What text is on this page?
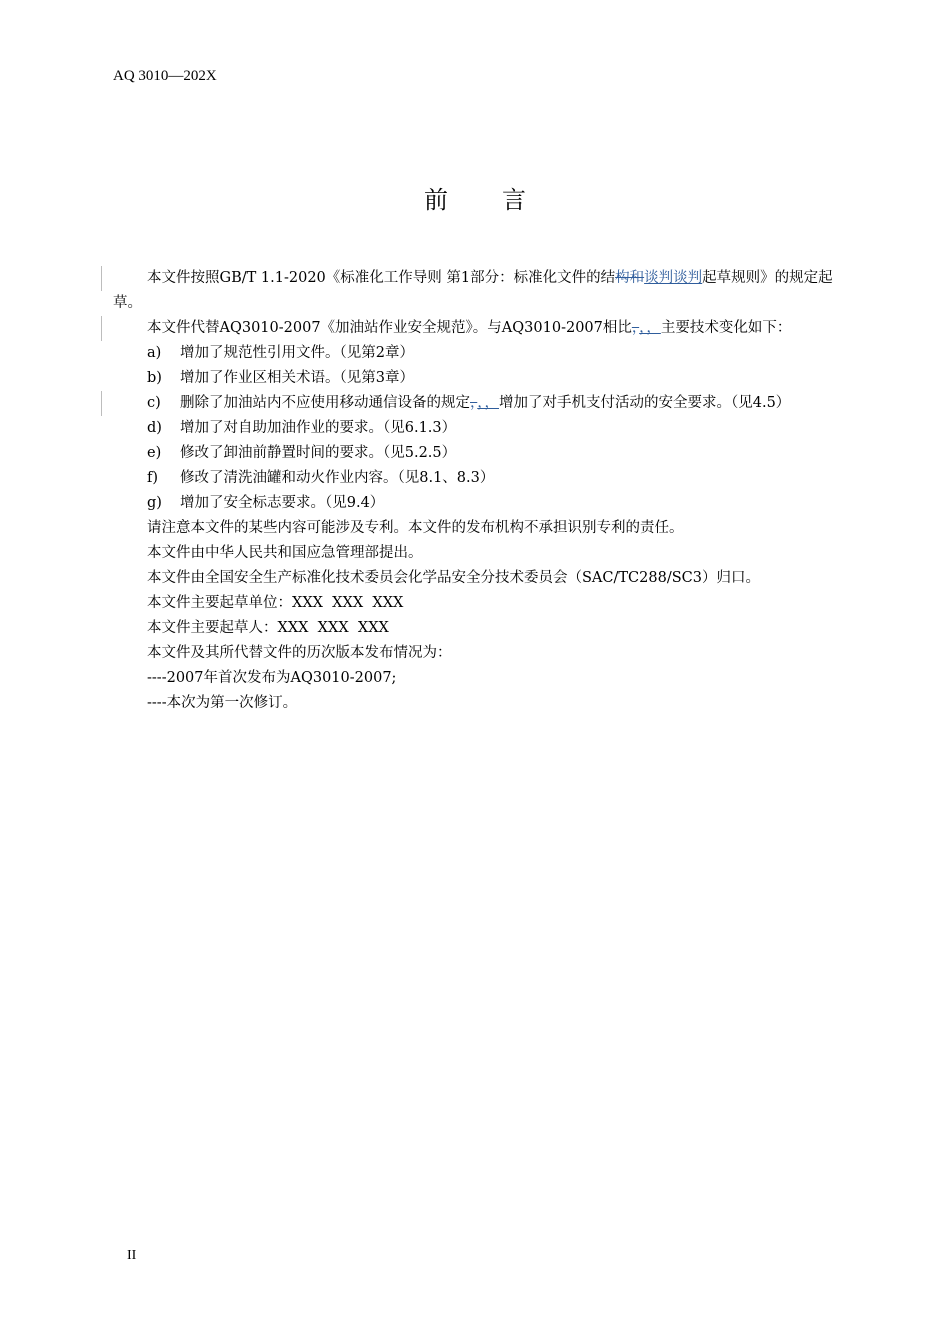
AQ 3010—202X
前 言

本文件按照GB/T 1.1-2020《标准化工作导则 第1部分：标准化文件的结构和谈判谈判起草规则》的规定起草。

本文件代替AQ3010-2007《加油站作业安全规范》。与AQ3010-2007相比，，，主要技术变化如下：

a) 增加了规范性引用文件。（见第2章）

b) 增加了作业区相关术语。（见第3章）

c) 删除了加油站内不应使用移动通信设备的规定，，，增加了对手机支付活动的安全要求。（见4.5）

d) 增加了对自助加油作业的要求。（见6.1.3）

e) 修改了卸油前静置时间的要求。（见5.2.5）

f) 修改了清洗油罐和动火作业内容。（见8.1、8.3）

g) 增加了安全标志要求。（见9.4）

请注意本文件的某些内容可能涉及专利。本文件的发布机构不承担识别专利的责任。

本文件由中华人民共和国应急管理部提出。

本文件由全国安全生产标准化技术委员会化学品安全分技术委员会（SAC/TC288/SC3）归口。

本文件主要起草单位：XXX  XXX  XXX

本文件主要起草人：XXX  XXX  XXX

本文件及其所代替文件的历次版本发布情况为：

----2007年首次发布为AQ3010-2007;

----本次为第一次修订。

II
